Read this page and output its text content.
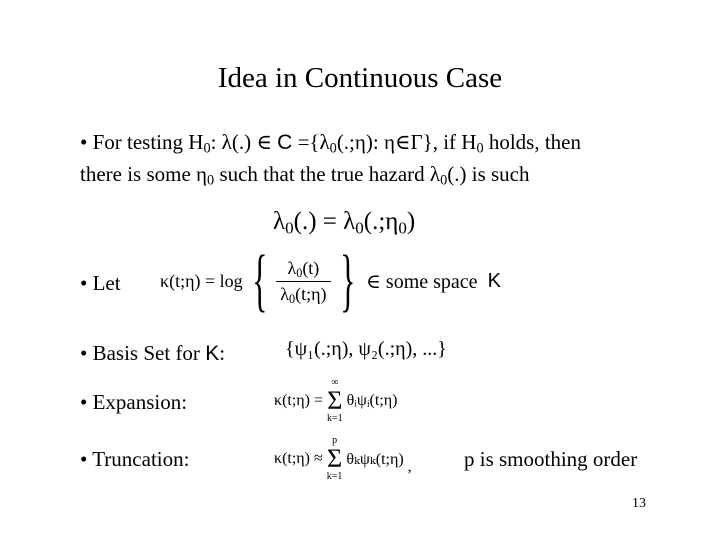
Idea in Continuous Case
• For testing $H_0$: λ(.) ∈ $C =\{\lambda_0(.;\eta)$: η∈Γ}, if $H_0$ holds, then
there is some $\eta_0$ such that the true hazard $\lambda_0(.)$ is such
$\lambda_0(.)$ = $\lambda_0(.;\eta_0)$
• Let κ(t;η) = log { $\frac{\lambda_0(t)}{\lambda_0(t;\eta)}$ } ∈ some space K
• Basis Set for K:	{ψ₁(.;η), ψ₂(.;η), ...}
• Expansion:	κ(t;η) =
∞
Σ
k=1
θᵢψᵢ(t;η)
• Truncation:	κ(t;η) ≈
p
Σ
k=1
θₖψₖ(t;η) , p is smoothing order
13
